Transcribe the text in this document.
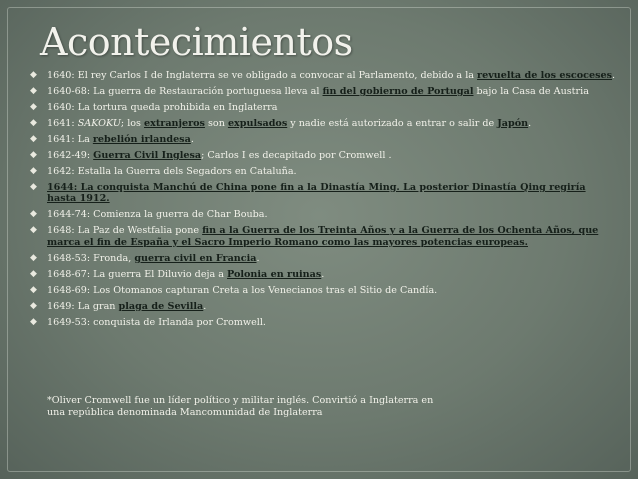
Acontecimientos
◆ 1640: El rey Carlos I de Inglaterra se ve obligado a convocar al Parlamento, debido a la revuelta de los escoceses.
◆ 1640-68: La guerra de Restauración portuguesa lleva al fin del gobierno de Portugal bajo la Casa de Austria
◆ 1640: La tortura queda prohibida en Inglaterra
◆ 1641: SAKOKU; los extranjeros son expulsados y nadie está autorizado a entrar o salir de Japón.
◆ 1641: La rebelión irlandesa.
◆ 1642-49: Guerra Civil Inglesa; Carlos I es decapitado por Cromwell .
◆ 1642: Estalla la Guerra dels Segadors en Cataluña.
◆ 1644: La conquista Manchú de China pone fin a la Dinastía Ming. La posterior Dinastía Qing regiría hasta 1912.
◆ 1644-74: Comienza la guerra de Char Bouba.
◆ 1648: La Paz de Westfalia pone fin a la Guerra de los Treinta Años y a la Guerra de los Ochenta Años, que marca el fin de España y el Sacro Imperio Romano como las mayores potencias europeas.
◆ 1648-53: Fronda, guerra civil en Francia.
◆ 1648-67: La guerra El Diluvio deja a Polonia en ruinas.
◆ 1648-69: Los Otomanos capturan Creta a los Venecianos tras el Sitio de Candía.
◆ 1649: La gran plaga de Sevilla.
◆ 1649-53: conquista de Irlanda por Cromwell.
*Oliver Cromwell fue un líder político y militar inglés. Convirtió a Inglaterra en
una república denominada Mancomunidad de Inglaterra
